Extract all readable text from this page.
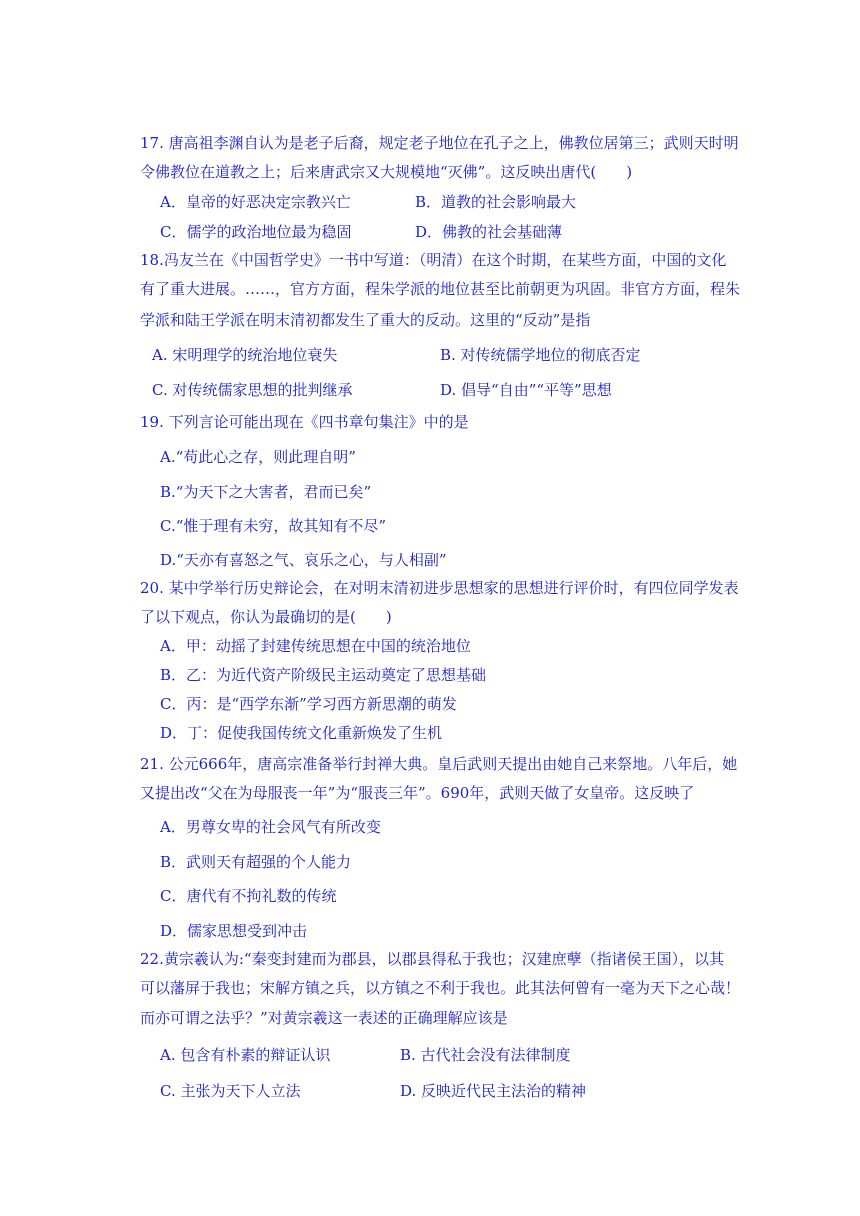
17. 唐高祖李渊自认为是老子后裔，规定老子地位在孔子之上，佛教位居第三；武则天时明
令佛教位在道教之上；后来唐武宗又大规模地“灭佛”。这反映出唐代(　　)
A．皇帝的好恶决定宗教兴亡	B．道教的社会影响最大
C．儒学的政治地位最为稳固	D．佛教的社会基础薄
18.冯友兰在《中国哲学史》一书中写道：（明清）在这个时期，在某些方面，中国的文化
有了重大进展。……，官方方面，程朱学派的地位甚至比前朝更为巩固。非官方方面，程朱
学派和陆王学派在明末清初都发生了重大的反动。这里的“反动”是指
A. 宋明理学的统治地位衰失	B. 对传统儒学地位的彻底否定
C. 对传统儒家思想的批判继承	D. 倡导“自由”“平等”思想
19. 下列言论可能出现在《四书章句集注》中的是
A.“苟此心之存，则此理自明”
B.“为天下之大害者，君而已矣”
C.“惟于理有未穷，故其知有不尽”
D.“天亦有喜怒之气、哀乐之心，与人相副”
20. 某中学举行历史辩论会，在对明末清初进步思想家的思想进行评价时，有四位同学发表
了以下观点，你认为最确切的是(　　)
A．甲：动摇了封建传统思想在中国的统治地位
B．乙：为近代资产阶级民主运动奠定了思想基础
C．丙：是“西学东渐”学习西方新思潮的萌发
D．丁：促使我国传统文化重新焕发了生机
21. 公元666年，唐高宗准备举行封禅大典。皇后武则天提出由她自己来祭地。八年后，她
又提出改“父在为母服丧一年”为“服丧三年”。690年，武则天做了女皇帝。这反映了
A．男尊女卑的社会风气有所改变
B．武则天有超强的个人能力
C．唐代有不拘礼数的传统
D．儒家思想受到冲击
22.黄宗羲认为:“秦变封建而为郡县，以郡县得私于我也；汉建庶孽（指诸侯王国），以其
可以藩屏于我也；宋解方镇之兵，以方镇之不利于我也。此其法何曾有一毫为天下之心哉！
而亦可谓之法乎？”对黄宗羲这一表述的正确理解应该是
A. 包含有朴素的辩证认识	B. 古代社会没有法律制度
C. 主张为天下人立法	D. 反映近代民主法治的精神
